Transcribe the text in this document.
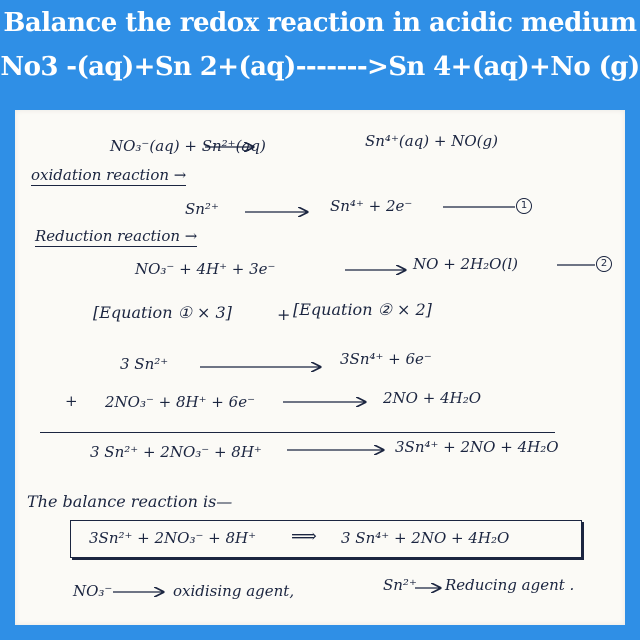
Balance the redox reaction in acidic medium
No3 -(aq)+Sn 2+(aq)------->Sn 4+(aq)+No (g)
NO₃⁻(aq) + Sn²⁺(aq)	Sn⁴⁺(aq) + NO(g)
oxidation reaction →
Sn²⁺	Sn⁴⁺ + 2e⁻	1
Reduction reaction →
NO₃⁻ + 4H⁺ + 3e⁻	NO + 2H₂O(l)	2
[Equation ① × 3]	+ [Equation ② × 2]
3 Sn²⁺	3Sn⁴⁺ + 6e⁻
+ 2NO₃⁻ + 8H⁺ + 6e⁻	2NO + 4H₂O
3 Sn²⁺ + 2NO₃⁻ + 8H⁺	3Sn⁴⁺ + 2NO + 4H₂O
The balance reaction is—
3Sn²⁺ + 2NO₃⁻ + 8H⁺ ⟹ 3 Sn⁴⁺ + 2NO + 4H₂O
NO₃⁻	oxidising agent,	Sn²⁺ Reducing agent .
